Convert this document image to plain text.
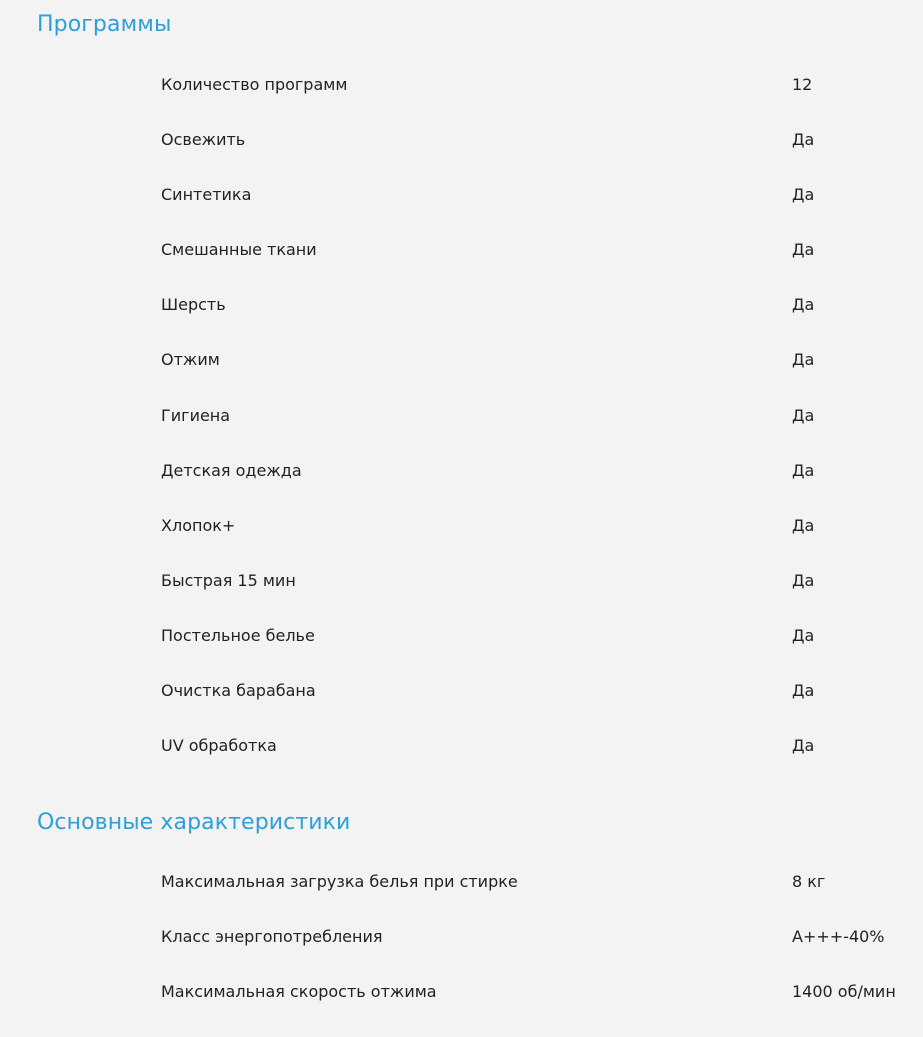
Программы
Количество программ	12
Освежить	Да
Синтетика	Да
Смешанные ткани	Да
Шерсть	Да
Отжим	Да
Гигиена	Да
Детская одежда	Да
Хлопок+	Да
Быстрая 15 мин	Да
Постельное белье	Да
Очистка барабана	Да
UV обработка	Да
Основные характеристики
Максимальная загрузка белья при стирке	8 кг
Класс энергопотребления	A+++-40%
Максимальная скорость отжима	1400 об/мин
